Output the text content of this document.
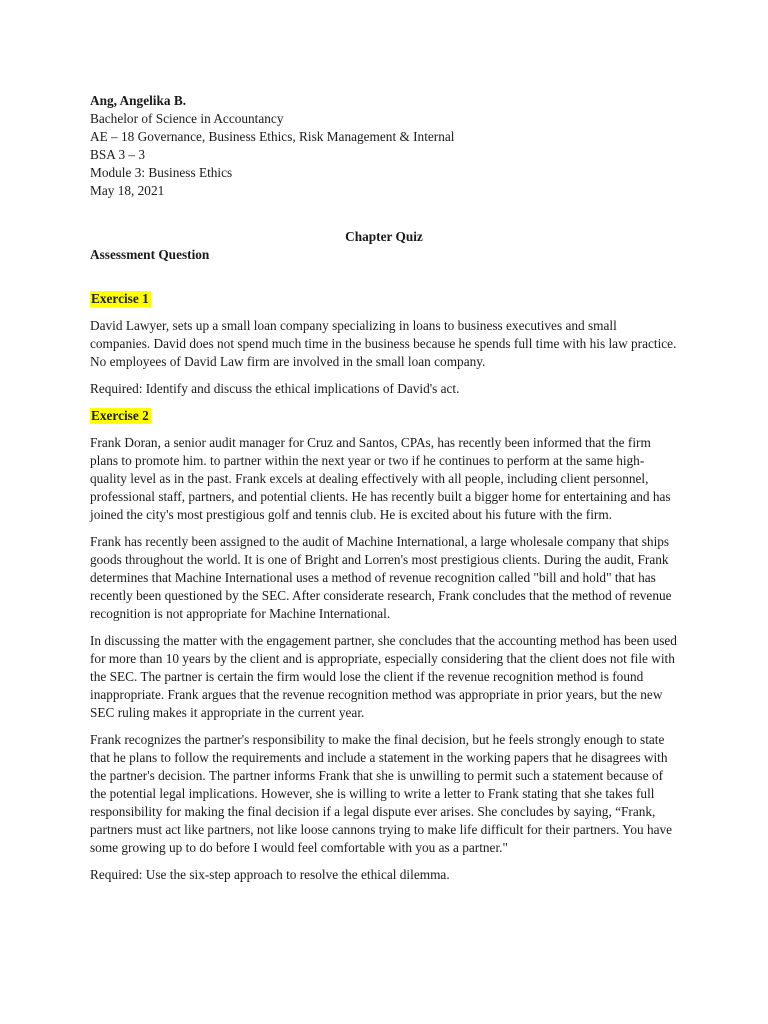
Ang, Angelika B.

Bachelor of Science in Accountancy

AE – 18 Governance, Business Ethics, Risk Management & Internal

BSA 3 – 3

Module 3: Business Ethics

May 18, 2021

Chapter Quiz
Assessment Question
Exercise 1

David Lawyer, sets up a small loan company specializing in loans to business executives and small companies. David does not spend much time in the business because he spends full time with his law practice. No employees of David Law firm are involved in the small loan company.

Required: Identify and discuss the ethical implications of David's act.

Exercise 2

Frank Doran, a senior audit manager for Cruz and Santos, CPAs, has recently been informed that the firm plans to promote him. to partner within the next year or two if he continues to perform at the same high-quality level as in the past. Frank excels at dealing effectively with all people, including client personnel, professional staff, partners, and potential clients. He has recently built a bigger home for entertaining and has joined the city's most prestigious golf and tennis club. He is excited about his future with the firm.

Frank has recently been assigned to the audit of Machine International, a large wholesale company that ships goods throughout the world. It is one of Bright and Lorren's most prestigious clients. During the audit, Frank determines that Machine International uses a method of revenue recognition called "bill and hold" that has recently been questioned by the SEC. After considerate research, Frank concludes that the method of revenue recognition is not appropriate for Machine International.

In discussing the matter with the engagement partner, she concludes that the accounting method has been used for more than 10 years by the client and is appropriate, especially considering that the client does not file with the SEC. The partner is certain the firm would lose the client if the revenue recognition method is found inappropriate. Frank argues that the revenue recognition method was appropriate in prior years, but the new SEC ruling makes it appropriate in the current year.

Frank recognizes the partner's responsibility to make the final decision, but he feels strongly enough to state that he plans to follow the requirements and include a statement in the working papers that he disagrees with the partner's decision. The partner informs Frank that she is unwilling to permit such a statement because of the potential legal implications. However, she is willing to write a letter to Frank stating that she takes full responsibility for making the final decision if a legal dispute ever arises. She concludes by saying, “Frank, partners must act like partners, not like loose cannons trying to make life difficult for their partners. You have some growing up to do before I would feel comfortable with you as a partner."

Required: Use the six-step approach to resolve the ethical dilemma.
